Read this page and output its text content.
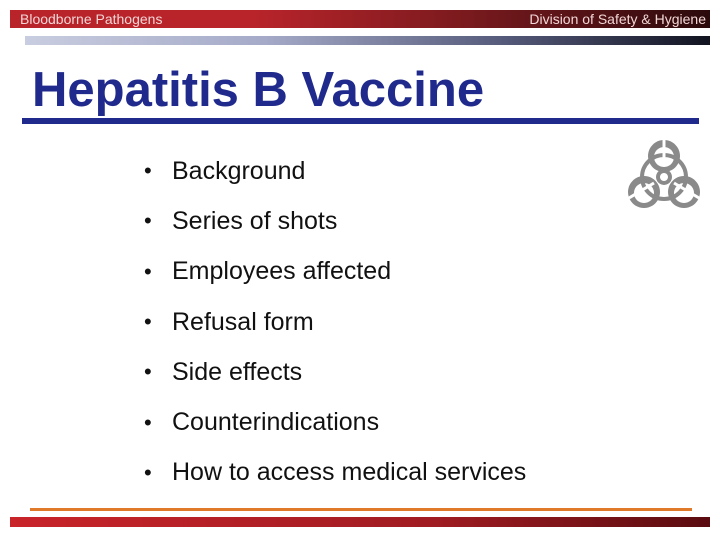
Bloodborne Pathogens	Division of Safety & Hygiene
Hepatitis B Vaccine
• Background
• Series of shots
• Employees affected
• Refusal form
• Side effects
• Counterindications
• How to access medical services
